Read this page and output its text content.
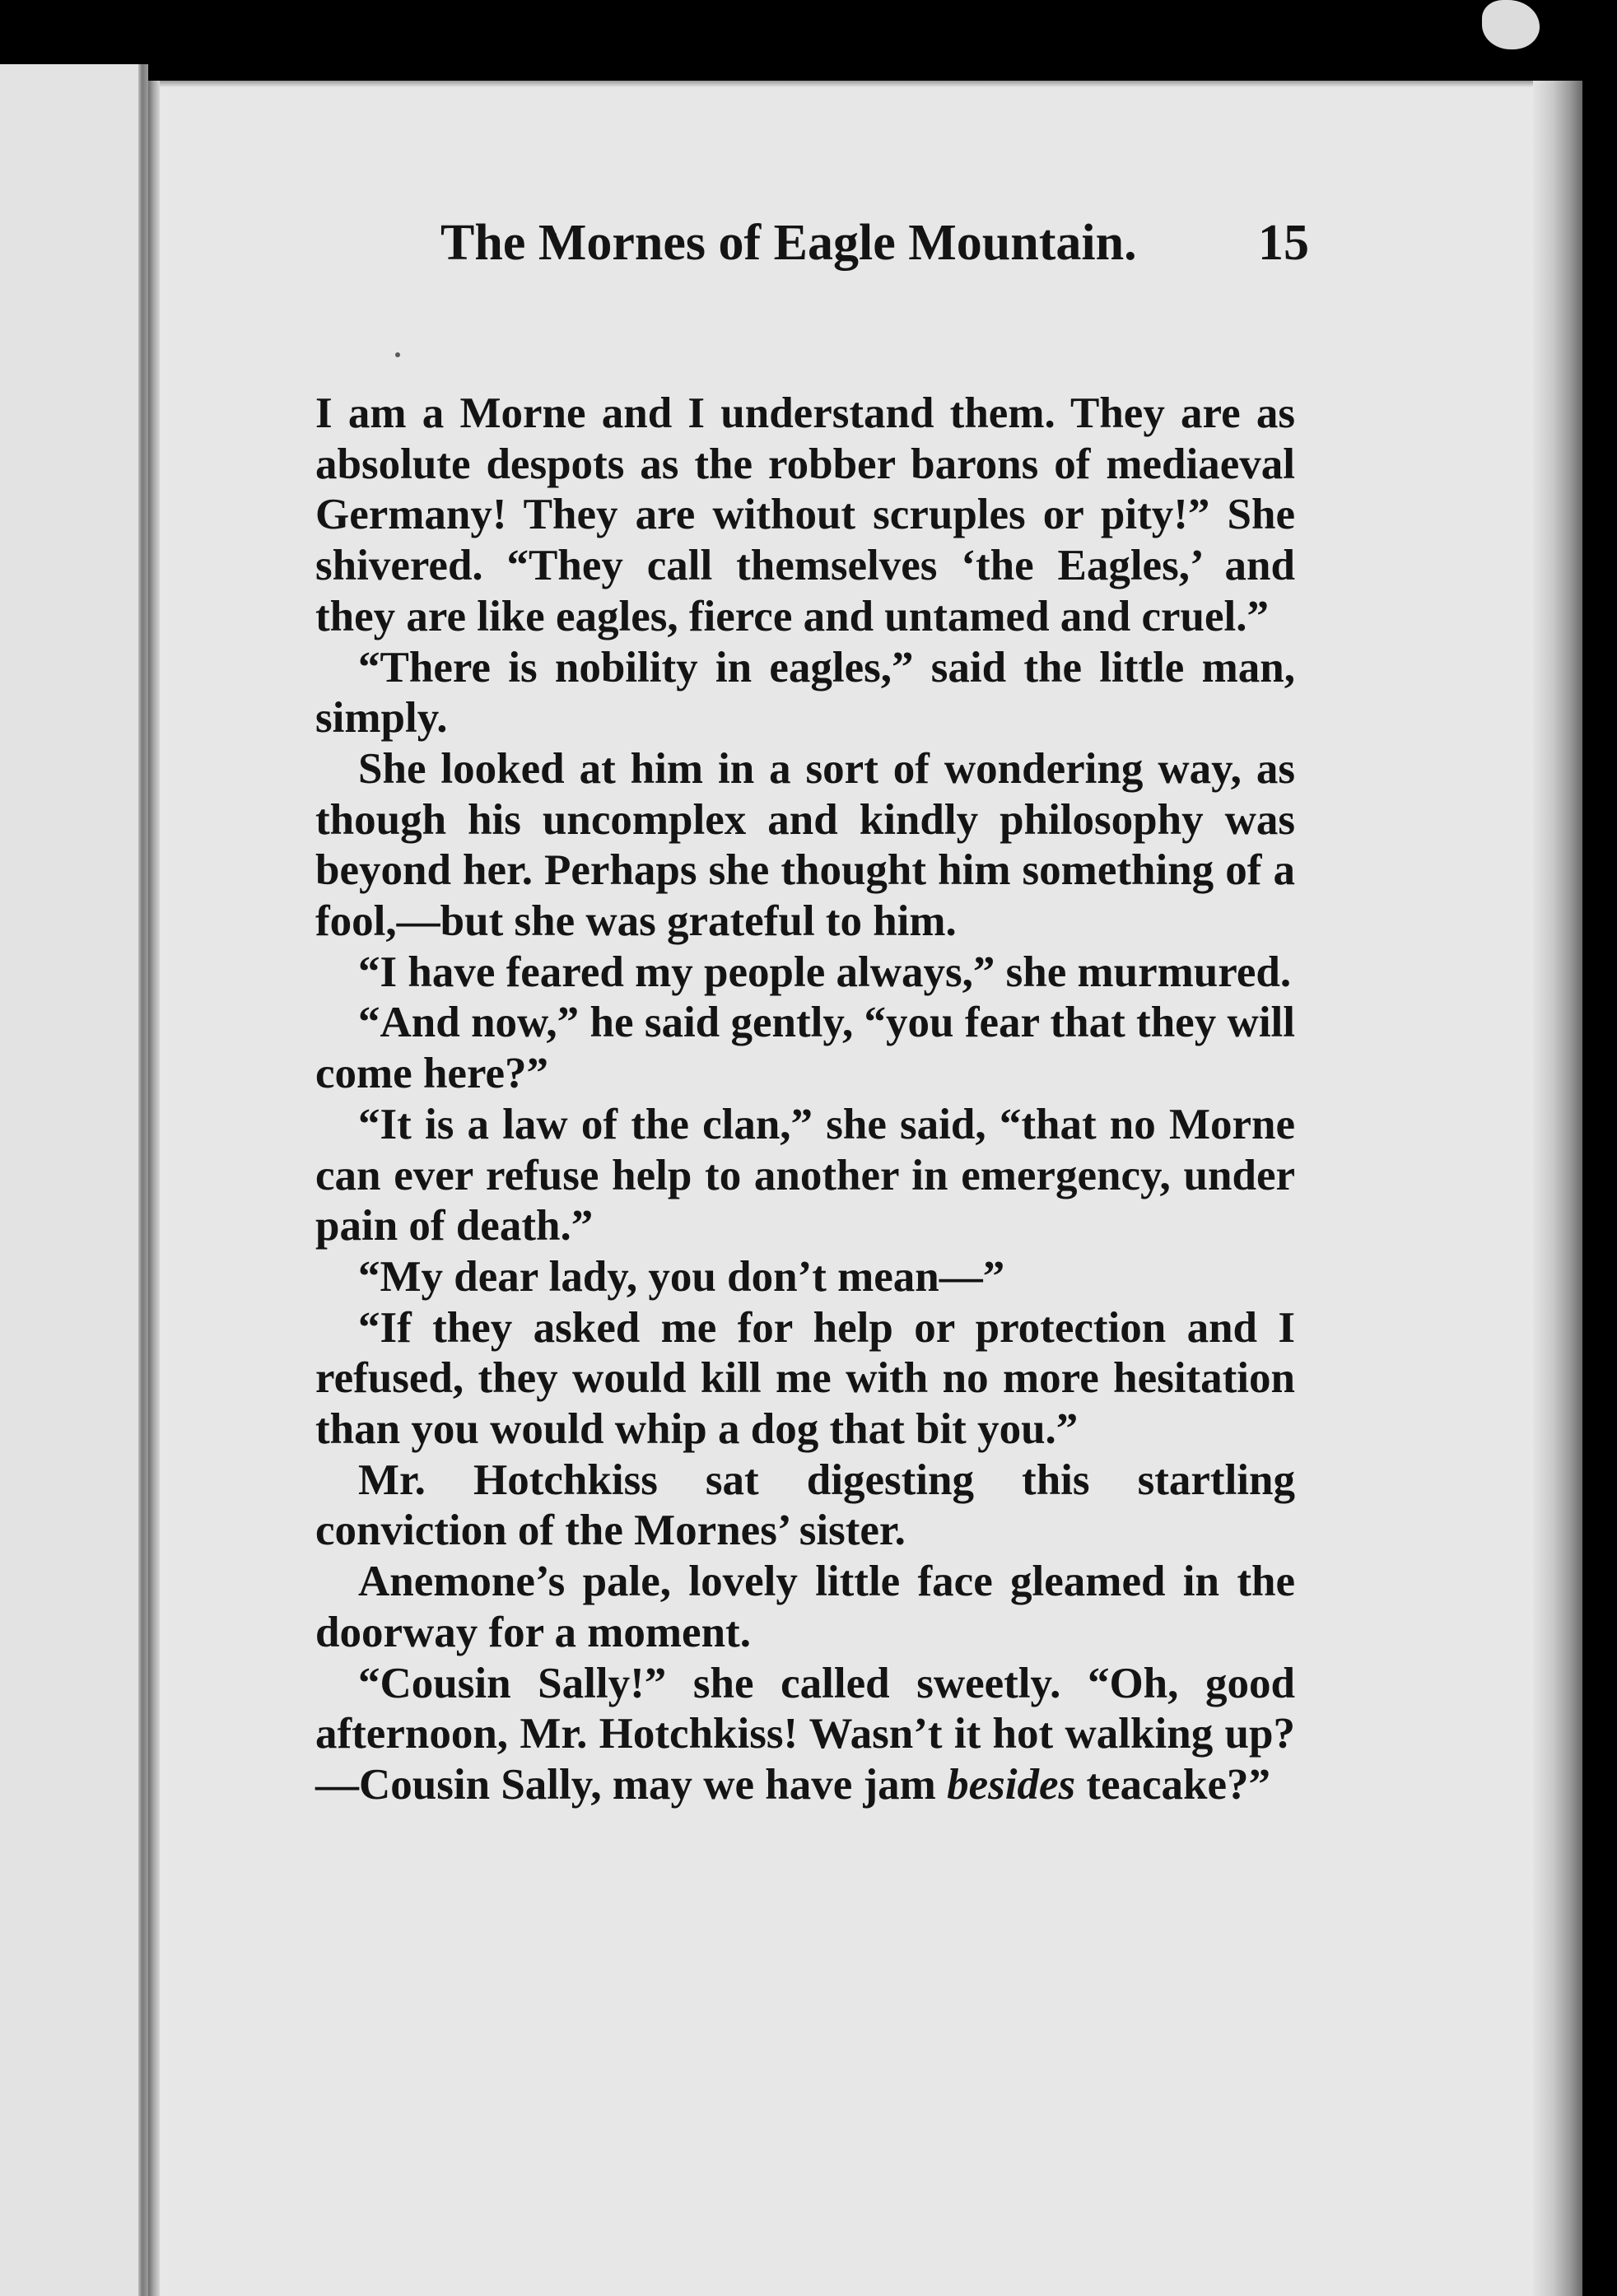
The Mornes of Eagle Mountain. 15

I am a Morne and I understand them. They are as absolute despots as the robber barons of mediaeval Germany! They are without scruples or pity!” She shivered. “They call themselves ‘the Eagles,’ and they are like eagles, fierce and untamed and cruel.”

“There is nobility in eagles,” said the little man, simply.

She looked at him in a sort of wondering way, as though his uncomplex and kindly philosophy was beyond her. Perhaps she thought him something of a fool,—but she was grateful to him.

“I have feared my people always,” she murmured.

“And now,” he said gently, “you fear that they will come here?”

“It is a law of the clan,” she said, “that no Morne can ever refuse help to another in emergency, under pain of death.”

“My dear lady, you don’t mean—”

“If they asked me for help or protection and I refused, they would kill me with no more hesitation than you would whip a dog that bit you.”

Mr. Hotchkiss sat digesting this startling conviction of the Mornes’ sister.

Anemone’s pale, lovely little face gleamed in the doorway for a moment.

“Cousin Sally!” she called sweetly. “Oh, good afternoon, Mr. Hotchkiss! Wasn’t it hot walking up?—Cousin Sally, may we have jam besides teacake?”
